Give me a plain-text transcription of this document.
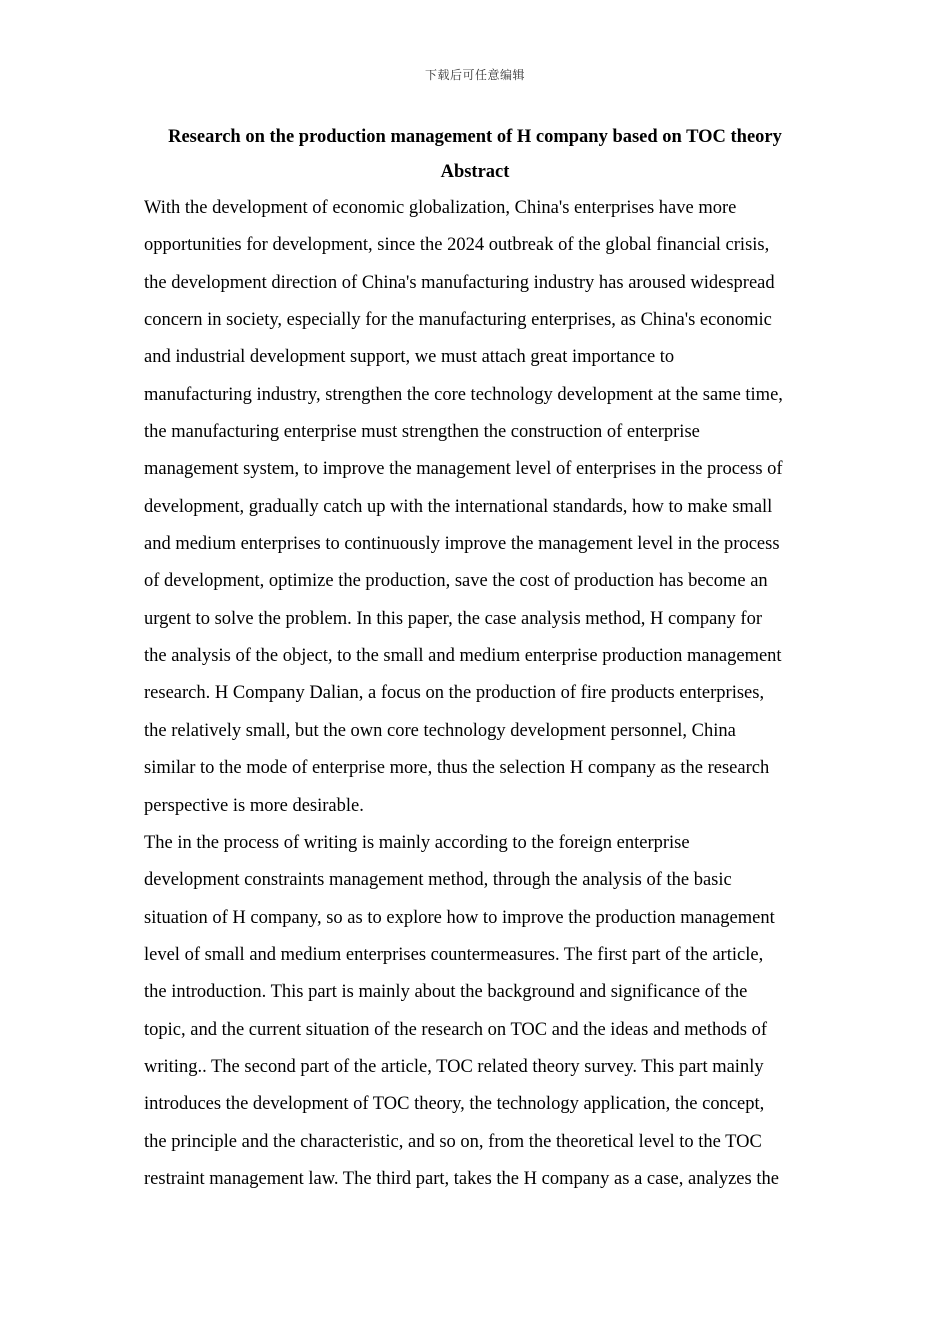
下载后可任意编辑
Research on the production management of H company based on TOC theory
Abstract
With the development of economic globalization, China's enterprises have more
opportunities for development, since the 2024 outbreak of the global financial crisis,
the development direction of China's manufacturing industry has aroused widespread
concern in society, especially for the manufacturing enterprises, as China's economic
and industrial development support, we must attach great importance to
manufacturing industry, strengthen the core technology development at the same time,
the manufacturing enterprise must strengthen the construction of enterprise
management system, to improve the management level of enterprises in the process of
development, gradually catch up with the international standards, how to make small
and medium enterprises to continuously improve the management level in the process
of development, optimize the production, save the cost of production has become an
urgent to solve the problem. In this paper, the case analysis method, H company for
the analysis of the object, to the small and medium enterprise production management
research. H Company Dalian, a focus on the production of fire products enterprises,
the relatively small, but the own core technology development personnel, China
similar to the mode of enterprise more, thus the selection H company as the research
perspective is more desirable.
The in the process of writing is mainly according to the foreign enterprise
development constraints management method, through the analysis of the basic
situation of H company, so as to explore how to improve the production management
level of small and medium enterprises countermeasures. The first part of the article,
the introduction. This part is mainly about the background and significance of the
topic, and the current situation of the research on TOC and the ideas and methods of
writing.. The second part of the article, TOC related theory survey. This part mainly
introduces the development of TOC theory, the technology application, the concept,
the principle and the characteristic, and so on, from the theoretical level to the TOC
restraint management law. The third part, takes the H company as a case, analyzes the
